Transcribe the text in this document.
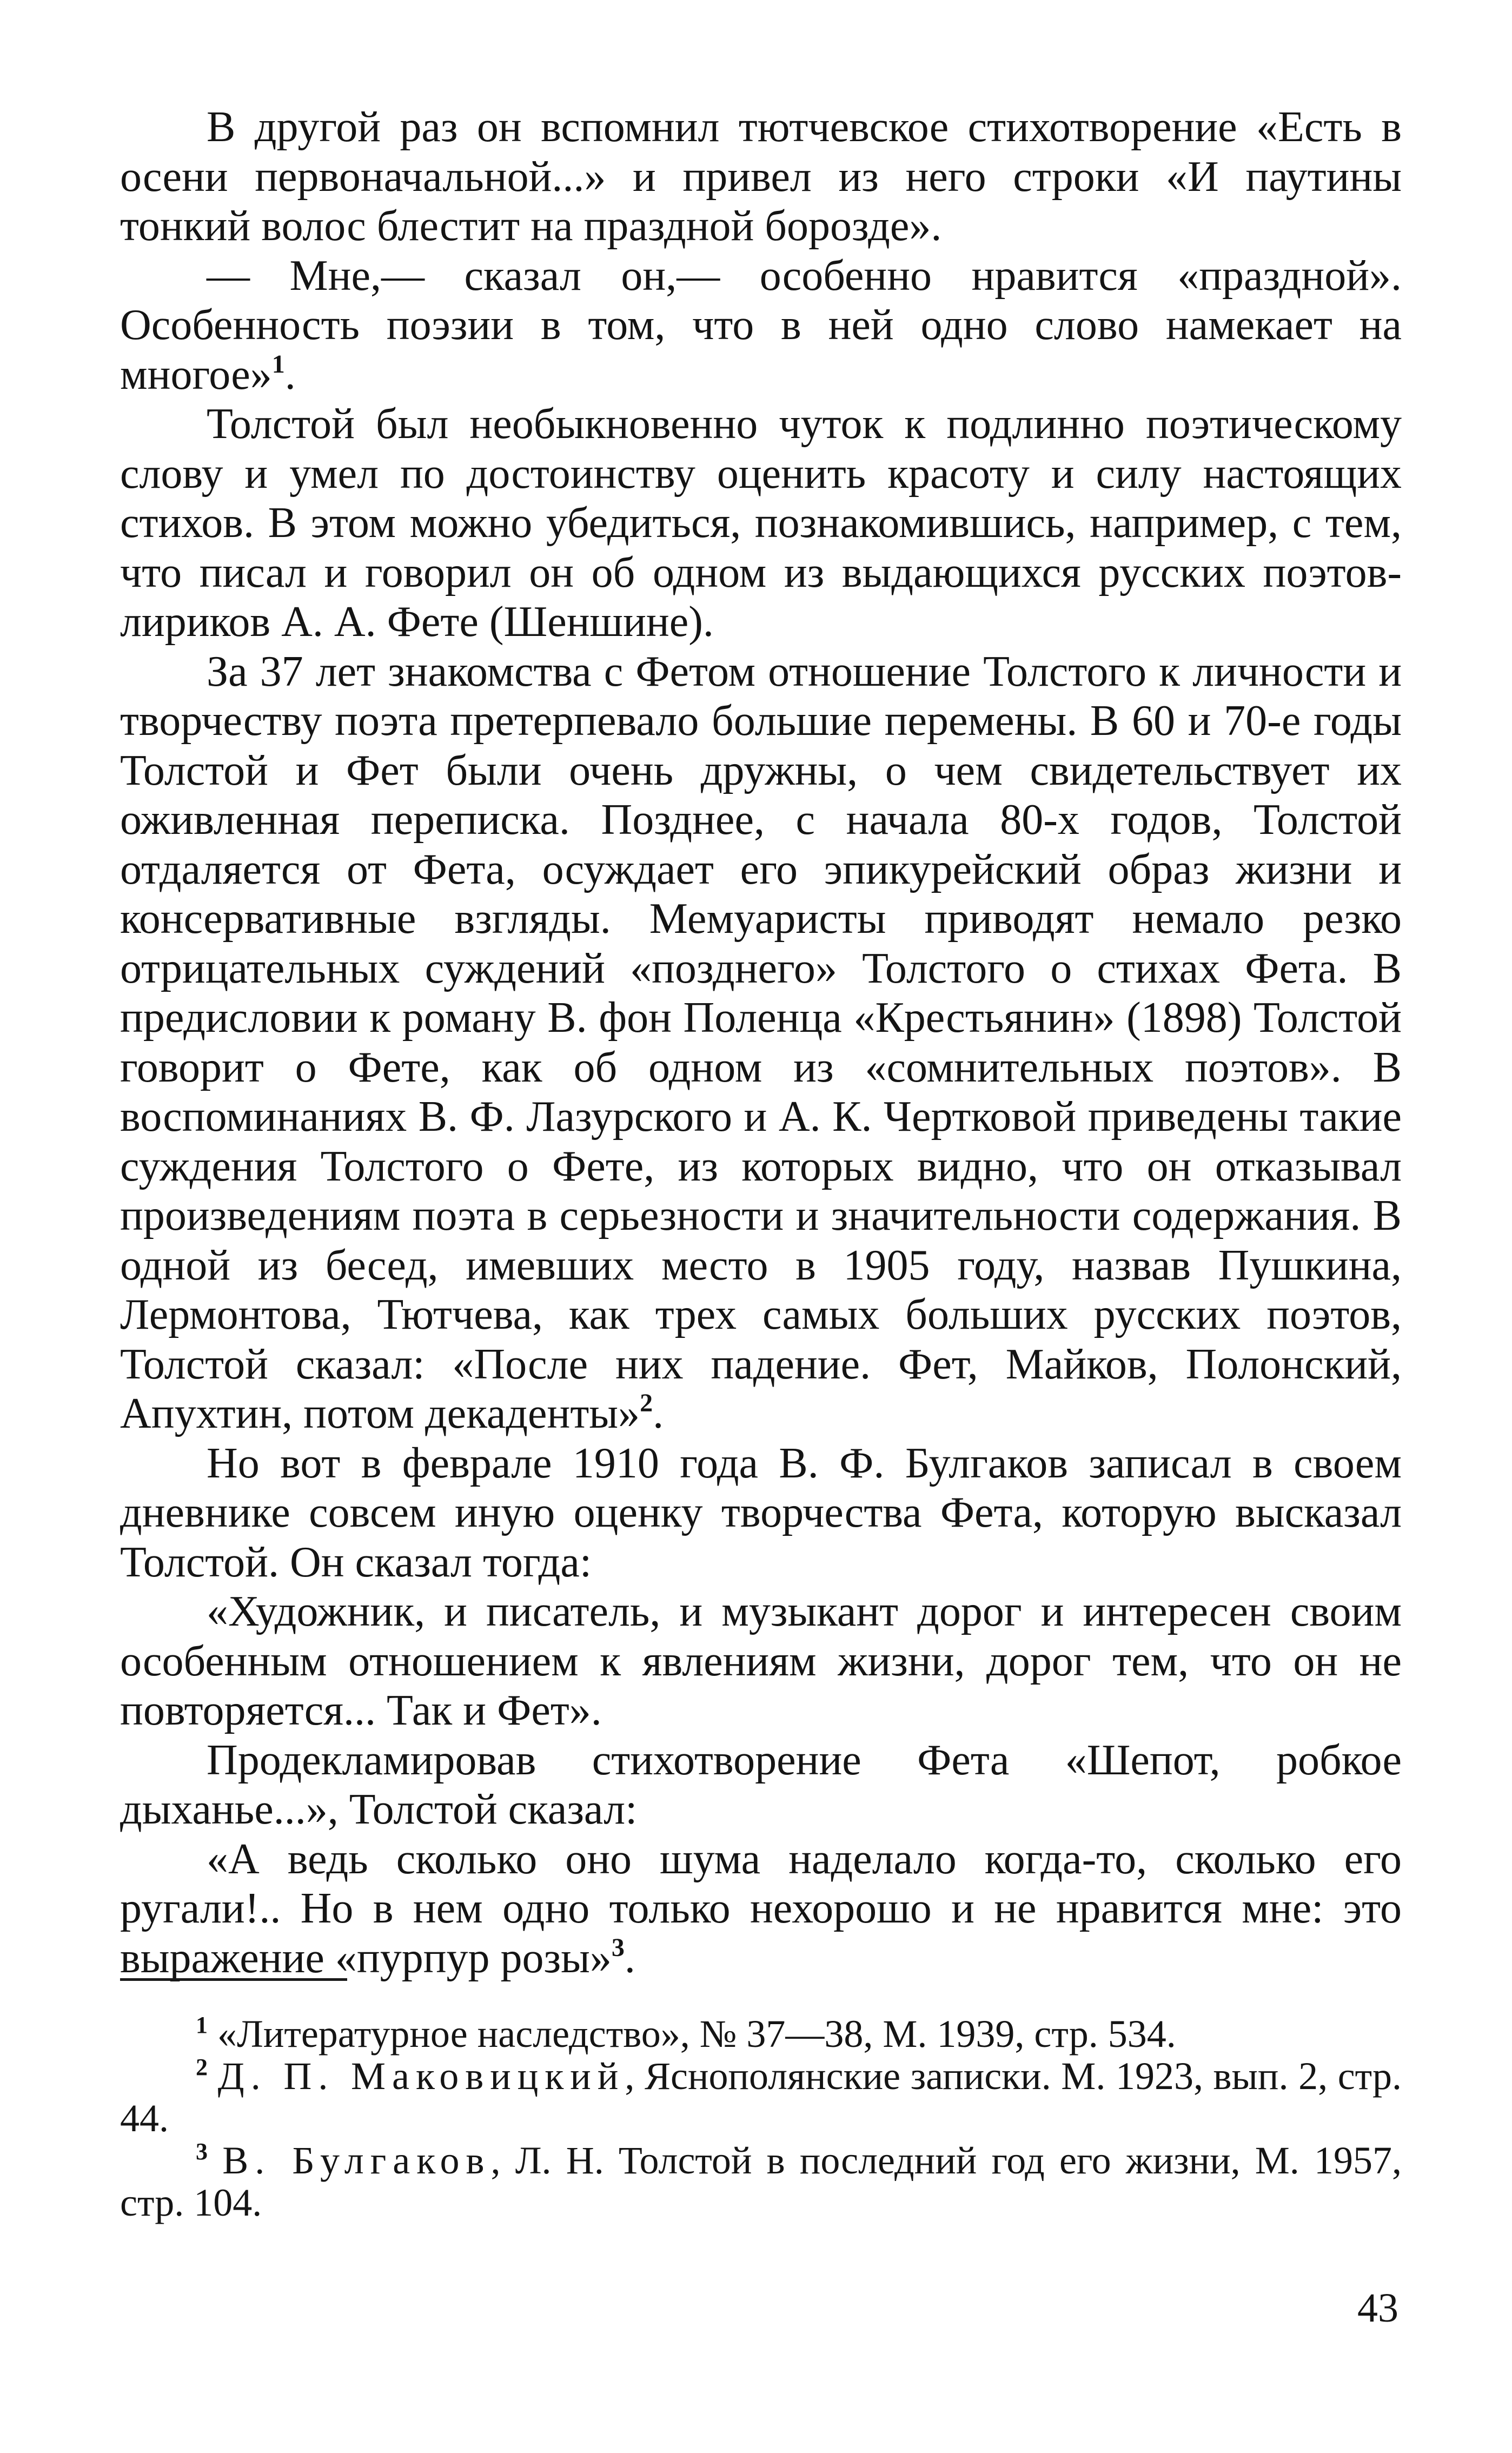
В другой раз он вспомнил тютчевское стихотворение «Есть в осени первоначальной...» и привел из него строки «И паутины тонкий волос блестит на праздной борозде».

— Мне,— сказал он,— особенно нравится «праздной». Особенность поэзии в том, что в ней одно слово намекает на многое»$^1$.

Толстой был необыкновенно чуток к подлинно поэтическому слову и умел по достоинству оценить красоту и силу настоящих стихов. В этом можно убедиться, познакомившись, например, с тем, что писал и говорил он об одном из выдающихся русских поэтов-лириков А. А. Фете (Шеншине).

За 37 лет знакомства с Фетом отношение Толстого к личности и творчеству поэта претерпевало большие перемены. В 60 и 70-е годы Толстой и Фет были очень дружны, о чем свидетельствует их оживленная переписка. Позднее, с начала 80-х годов, Толстой отдаляется от Фета, осуждает его эпикурейский образ жизни и консервативные взгляды. Мемуаристы приводят немало резко отрицательных суждений «позднего» Толстого о стихах Фета. В предисловии к роману В. фон Поленца «Крестьянин» (1898) Толстой говорит о Фете, как об одном из «сомнительных поэтов». В воспоминаниях В. Ф. Лазурского и А. К. Чертковой приведены такие суждения Толстого о Фете, из которых видно, что он отказывал произведениям поэта в серьезности и значительности содержания. В одной из бесед, имевших место в 1905 году, назвав Пушкина, Лермонтова, Тютчева, как трех самых больших русских поэтов, Толстой сказал: «После них падение. Фет, Майков, Полонский, Апухтин, потом декаденты»$^2$.

Но вот в феврале 1910 года В. Ф. Булгаков записал в своем дневнике совсем иную оценку творчества Фета, которую высказал Толстой. Он сказал тогда:

«Художник, и писатель, и музыкант дорог и интересен своим особенным отношением к явлениям жизни, дорог тем, что он не повторяется... Так и Фет».

Продекламировав стихотворение Фета «Шепот, робкое дыханье...», Толстой сказал:

«А ведь сколько оно шума наделало когда-то, сколько его ругали!.. Но в нем одно только нехорошо и не нравится мне: это выражение «пурпур розы»$^3$.

$^1$ «Литературное наследство», № 37—38, М. 1939, стр. 534.

$^2$ Д. П. Маковицкий, Яснополянские записки. М. 1923, вып. 2, стр. 44.

$^3$ В. Булгаков, Л. Н. Толстой в последний год его жизни, М. 1957, стр. 104.

43
